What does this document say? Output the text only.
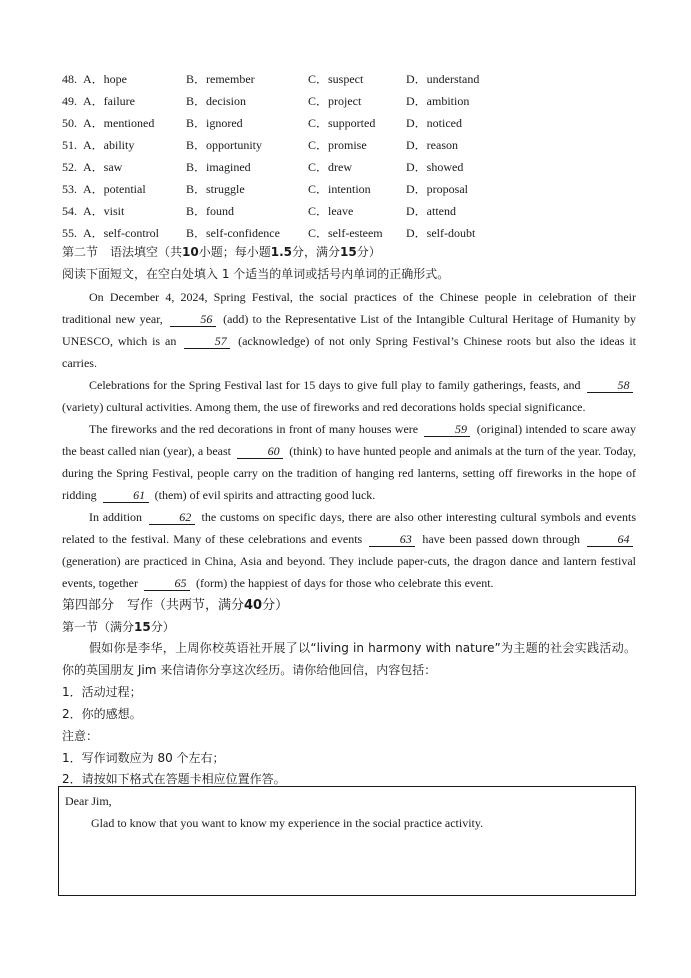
48. A．hope	B．remember	C．suspect	D．understand
49. A．failure	B．decision	C．project	D．ambition
50. A．mentioned	B．ignored	C．supported	D．noticed
51. A．ability	B．opportunity	C．promise	D．reason
52. A．saw	B．imagined	C．drew	D．showed
53. A．potential	B．struggle	C．intention	D．proposal
54. A．visit	B．found	C．leave	D．attend
55. A．self-control B．self-confidence C．self-esteem D．self-doubt
第二节　语法填空（共10小题；每小题1.5分，满分15分）
阅读下面短文，在空白处填入 1 个适当的单词或括号内单词的正确形式。
On December 4, 2024, Spring Festival, the social practices of the Chinese people in celebration of their traditional new year,	56 (add) to the Representative List of the Intangible Cultural Heritage of Humanity by UNESCO, which is an	57 (acknowledge) of not only Spring Festival’s Chinese roots but also the ideas it carries.
Celebrations for the Spring Festival last for 15 days to give full play to family gatherings, feasts, and	58 (variety) cultural activities. Among them, the use of fireworks and red decorations holds special significance.
The fireworks and the red decorations in front of many houses were	59 (original) intended to scare away the beast called nian (year), a beast	60 (think) to have hunted people and animals at the turn of the year. Today, during the Spring Festival, people carry on the tradition of hanging red lanterns, setting off fireworks in the hope of ridding	61 (them) of evil spirits and attracting good luck.
In addition	62 the customs on specific days, there are also other interesting cultural symbols and events related to the festival. Many of these celebrations and events	63 have been passed down through	64 (generation) are practiced in China, Asia and beyond. They include paper-cuts, the dragon dance and lantern festival events, together	65 (form) the happiest of days for those who celebrate this event.
第四部分　写作（共两节，满分40分）
第一节（满分15分）
假如你是李华，上周你校英语社开展了以“living in harmony with nature”为主题的社会实践活动。你的英国朋友 Jim 来信请你分享这次经历。请你给他回信，内容包括：
1．活动过程；
2．你的感想。
注意：
1．写作词数应为 80 个左右；
2．请按如下格式在答题卡相应位置作答。
Dear Jim,
Glad to know that you want to know my experience in the social practice activity.
